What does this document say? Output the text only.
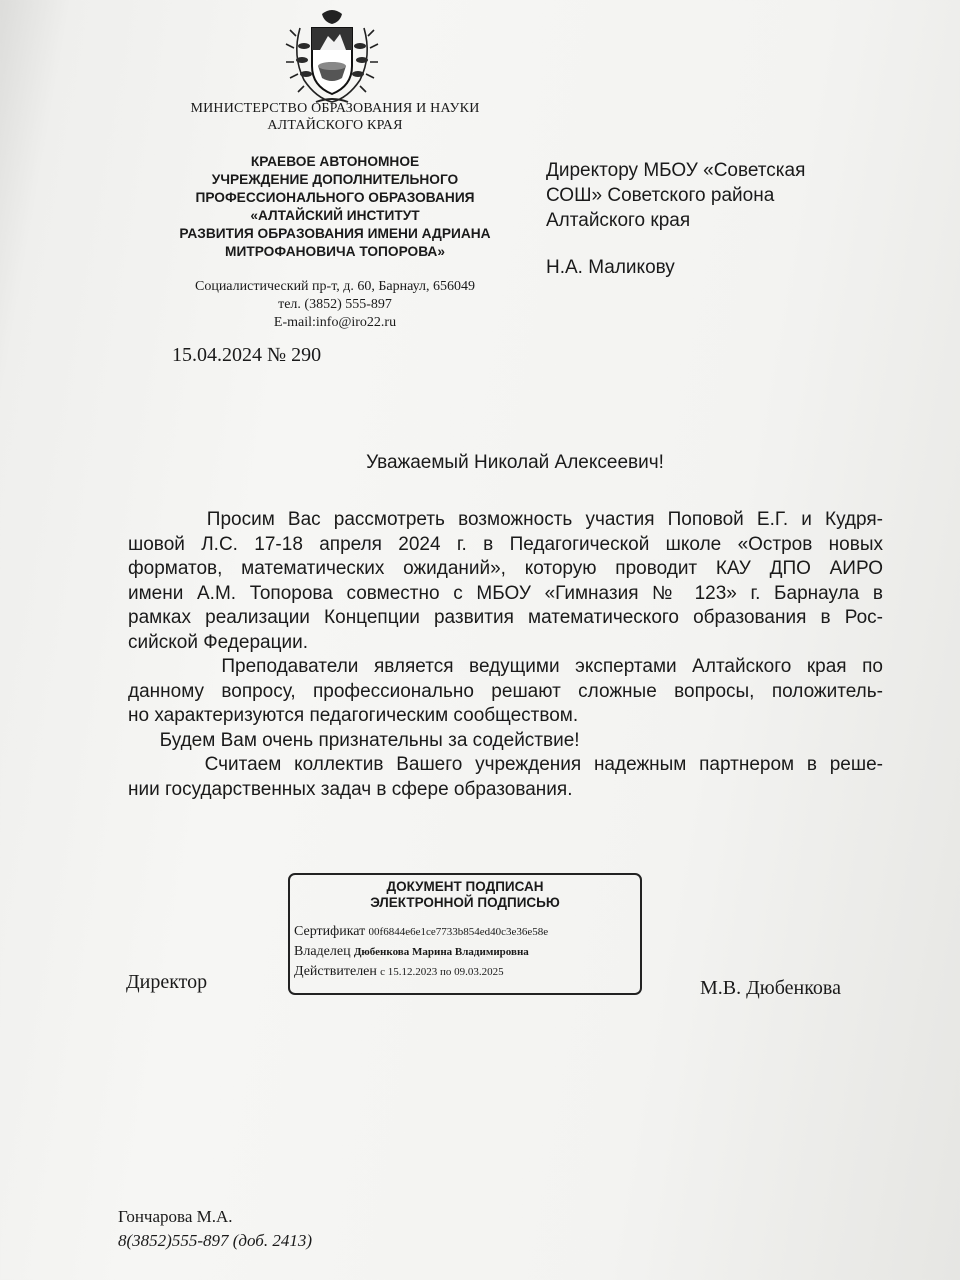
МИНИСТЕРСТВО ОБРАЗОВАНИЯ И НАУКИ
АЛТАЙСКОГО КРАЯ
КРАЕВОЕ АВТОНОМНОЕ
УЧРЕЖДЕНИЕ ДОПОЛНИТЕЛЬНОГО
ПРОФЕССИОНАЛЬНОГО ОБРАЗОВАНИЯ
«АЛТАЙСКИЙ ИНСТИТУТ
РАЗВИТИЯ ОБРАЗОВАНИЯ ИМЕНИ АДРИАНА
МИТРОФАНОВИЧА ТОПОРОВА»
Социалистический пр-т, д. 60, Барнаул, 656049
тел. (3852) 555-897
E-mail:info@iro22.ru
15.04.2024 № 290
Директору МБОУ «Советская
СОШ» Советского района
Алтайского края
Н.А. Маликову
Уважаемый Николай Алексеевич!
Просим Вас рассмотреть возможность участия Поповой Е.Г. и Кудря-
шовой Л.С. 17-18 апреля 2024 г. в Педагогической школе «Остров новых
форматов, математических ожиданий», которую проводит КАУ ДПО АИРО
имени А.М. Топорова совместно с МБОУ «Гимназия № 123» г. Барнаула в
рамках реализации Концепции развития математического образования в Рос-
сийской Федерации.
Преподаватели является ведущими экспертами Алтайского края по
данному вопросу, профессионально решают сложные вопросы, положитель-
но характеризуются педагогическим сообществом.
Будем Вам очень признательны за содействие!
Считаем коллектив Вашего учреждения надежным партнером в реше-
нии государственных задач в сфере образования.
ДОКУМЕНТ ПОДПИСАН
ЭЛЕКТРОННОЙ ПОДПИСЬЮ
Сертификат 00f6844e6e1ce7733b854ed40c3e36e58e
Владелец Дюбенкова Марина Владимировна
Действителен с 15.12.2023 по 09.03.2025
Директор	М.В. Дюбенкова
Гончарова М.А.
8(3852)555-897 (доб. 2413)
